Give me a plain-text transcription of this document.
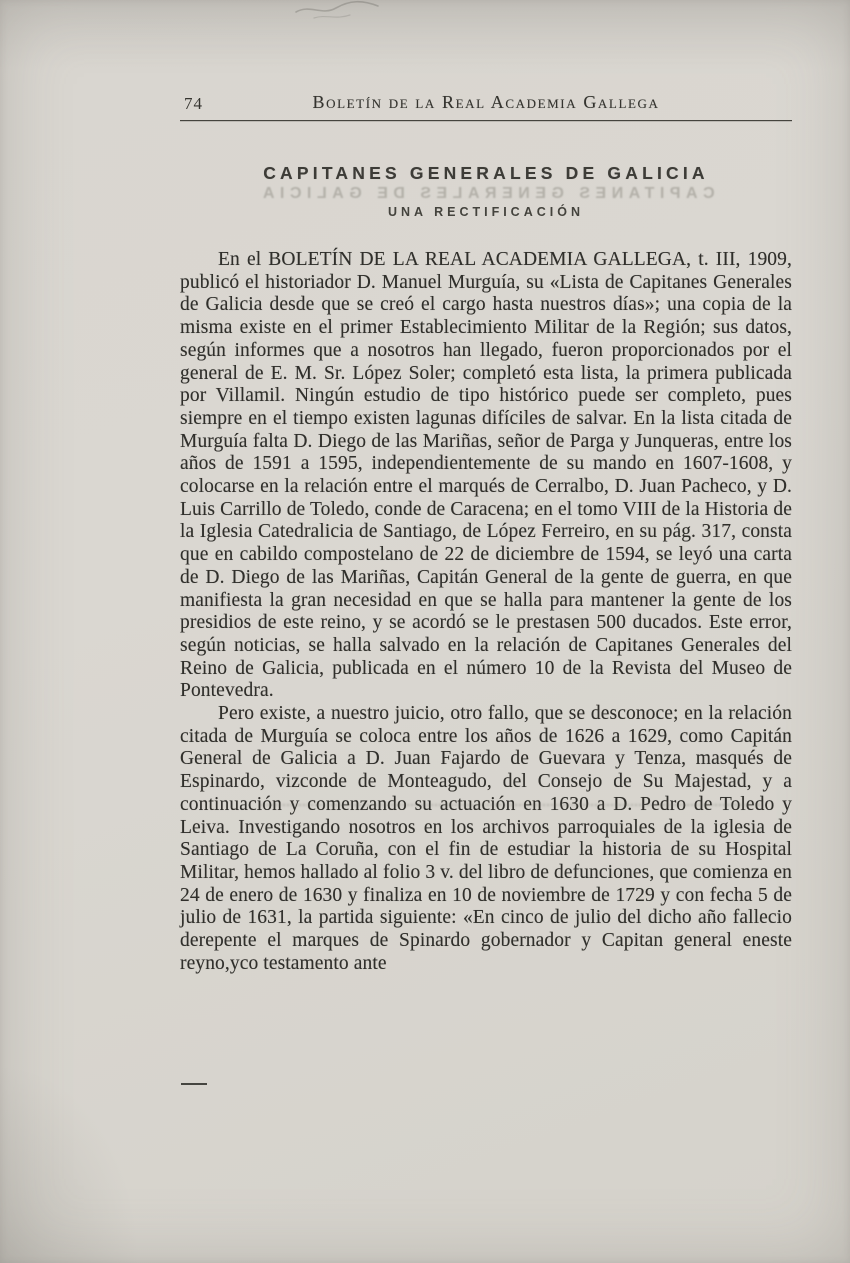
74	Boletín de la Real Academia Gallega
CAPITANES GENERALES DE GALICIA
CAPITANES GENERALES DE GALICIA
UNA RECTIFICACIÓN

En el BOLETÍN DE LA REAL ACADEMIA GALLEGA, t. III, 1909, publicó el historiador D. Manuel Murguía, su «Lista de Capitanes Generales de Galicia desde que se creó el cargo hasta nuestros días»; una copia de la misma existe en el primer Establecimiento Militar de la Región; sus datos, según informes que a nosotros han llegado, fueron proporcionados por el general de E. M. Sr. López Soler; completó esta lista, la primera publicada por Villamil. Ningún estudio de tipo histórico puede ser completo, pues siempre en el tiempo existen lagunas difíciles de salvar. En la lista citada de Murguía falta D. Diego de las Mariñas, señor de Parga y Junqueras, entre los años de 1591 a 1595, independientemente de su mando en 1607-1608, y colocarse en la relación entre el marqués de Cerralbo, D. Juan Pacheco, y D. Luis Carrillo de Toledo, conde de Caracena; en el tomo VIII de la Historia de la Iglesia Catedralicia de Santiago, de López Ferreiro, en su pág. 317, consta que en cabildo compostelano de 22 de diciembre de 1594, se leyó una carta de D. Diego de las Mariñas, Capitán General de la gente de guerra, en que manifiesta la gran necesidad en que se halla para mantener la gente de los presidios de este reino, y se acordó se le prestasen 500 ducados. Este error, según noticias, se halla salvado en la relación de Capitanes Generales del Reino de Galicia, publicada en el número 10 de la Revista del Museo de Pontevedra.

Pero existe, a nuestro juicio, otro fallo, que se desconoce; en la relación citada de Murguía se coloca entre los años de 1626 a 1629, como Capitán General de Galicia a D. Juan Fajardo de Guevara y Tenza, masqués de Espinardo, vizconde de Monteagudo, del Consejo de Su Majestad, y a continuación y comenzando su actuación en 1630 a D. Pedro de Toledo y Leiva. Investigando nosotros en los archivos parroquiales de la iglesia de Santiago de La Coruña, con el fin de estudiar la historia de su Hospital Militar, hemos hallado al folio 3 v. del libro de defunciones, que comienza en 24 de enero de 1630 y finaliza en 10 de noviembre de 1729 y con fecha 5 de julio de 1631, la partida siguiente: «En cinco de julio del dicho año fallecio derepente el marques de Spinardo gobernador y Capitan general eneste reyno,yco testamento ante
